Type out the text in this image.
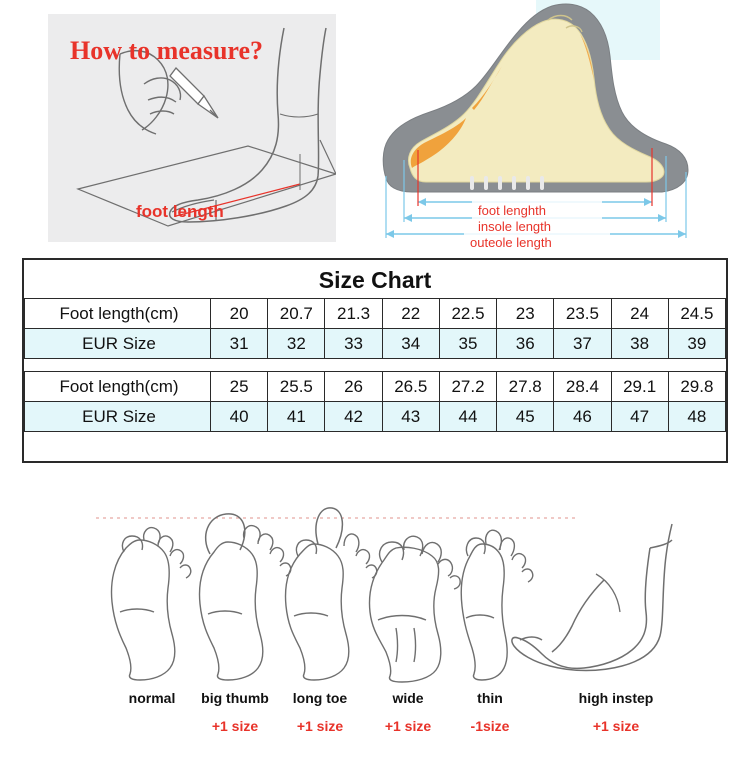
How to measure?
foot length	foot lenghth
insole length
outeole length
Size Chart
Foot length(cm)	20	20.7	21.3	22	22.5	23	23.5	24	24.5
EUR Size	31	32	33	34	35	36	37	38	39
Foot length(cm)	25	25.5	26	26.5	27.2	27.8	28.4	29.1	29.8
EUR Size	40	41	42	43	44	45	46	47	48
normal	big thumb	long toe	wide	thin	high instep
+1 size	+1 size	+1 size	-1size	+1 size
